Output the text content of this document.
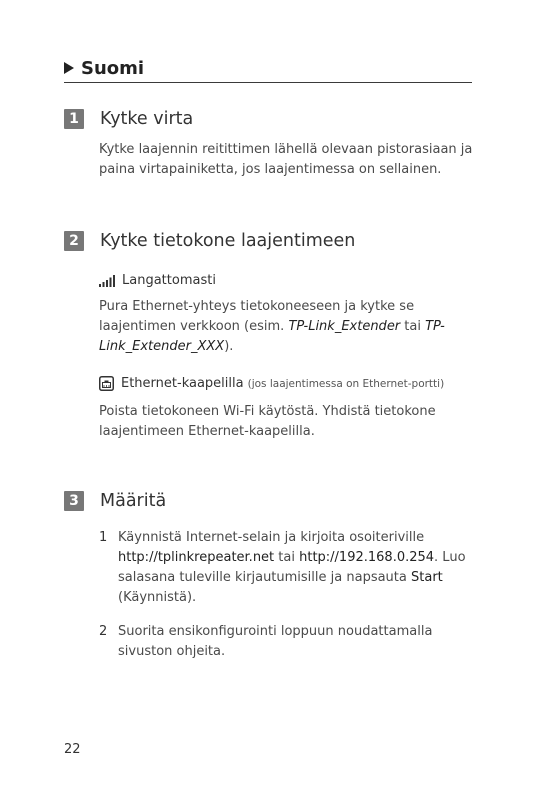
Suomi
1 Kytke virta

Kytke laajennin reitittimen lähellä olevaan pistorasiaan ja paina virtapainiketta, jos laajentimessa on sellainen.

2 Kytke tietokone laajentimeen
Langattomasti

Pura Ethernet-yhteys tietokoneeseen ja kytke se laajentimen verkkoon (esim. TP-Link_Extender tai TP-Link_Extender_XXX).

Ethernet-kaapelilla (jos laajentimessa on Ethernet-portti)

Poista tietokoneen Wi-Fi käytöstä. Yhdistä tietokone laajentimeen Ethernet-kaapelilla.

3 Määritä
1 Käynnistä Internet-selain ja kirjoita osoiteriville http://tplinkrepeater.net tai http://192.168.0.254. Luo salasana tuleville kirjautumisille ja napsauta Start (Käynnistä).
2 Suorita ensikonfigurointi loppuun noudattamalla sivuston ohjeita.
22
